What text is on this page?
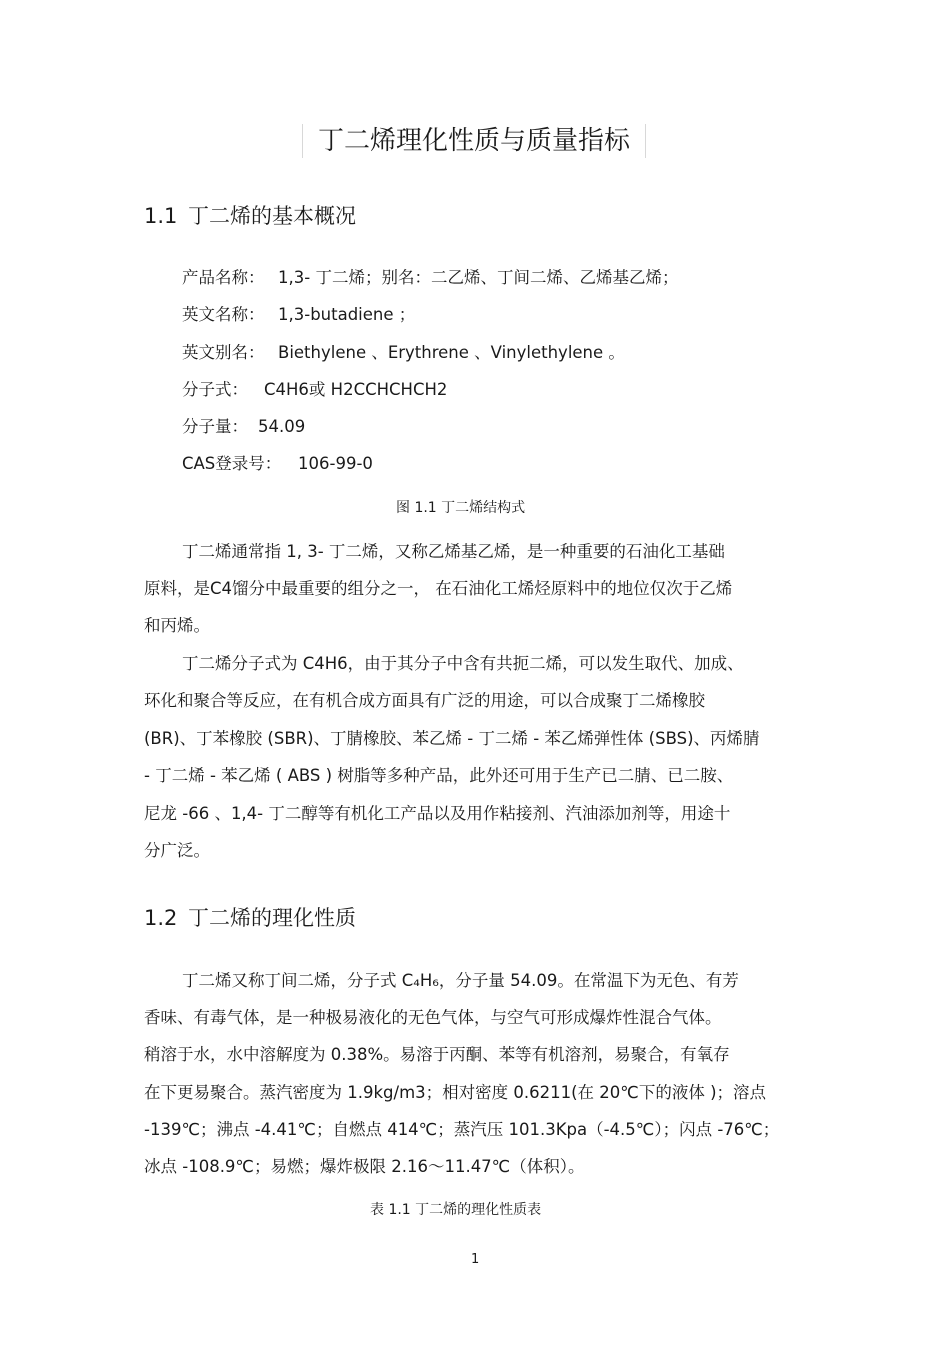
丁二烯理化性质与质量指标
1.1 丁二烯的基本概况
产品名称： 1,3- 丁二烯；别名：二乙烯、丁间二烯、乙烯基乙烯；
英文名称： 1,3-butadiene ；
英文别名： Biethylene 、Erythrene 、Vinylethylene 。
分子式： C4H6或 H2CCHCHCH2
分子量： 54.09
CAS登录号： 106-99-0
图 1.1 丁二烯结构式
丁二烯通常指 1, 3- 丁二烯，又称乙烯基乙烯，是一种重要的石油化工基础
原料，是C4馏分中最重要的组分之一， 在石油化工烯烃原料中的地位仅次于乙烯
和丙烯。
丁二烯分子式为 C4H6，由于其分子中含有共扼二烯，可以发生取代、加成、
环化和聚合等反应，在有机合成方面具有广泛的用途，可以合成聚丁二烯橡胶
(BR)、丁苯橡胶 (SBR)、丁腈橡胶、苯乙烯 - 丁二烯 - 苯乙烯弹性体 (SBS)、丙烯腈
- 丁二烯 - 苯乙烯 ( ABS ) 树脂等多种产品，此外还可用于生产已二腈、已二胺、
尼龙 -66 、1,4- 丁二醇等有机化工产品以及用作粘接剂、汽油添加剂等，用途十
分广泛。
1.2 丁二烯的理化性质
丁二烯又称丁间二烯，分子式 C₄H₆，分子量 54.09。在常温下为无色、有芳
香味、有毒气体，是一种极易液化的无色气体，与空气可形成爆炸性混合气体。
稍溶于水，水中溶解度为 0.38%。易溶于丙酮、苯等有机溶剂，易聚合，有氧存
在下更易聚合。蒸汽密度为 1.9kg/m3；相对密度 0.6211(在 20℃下的液体 )；溶点
-139℃；沸点 -4.41℃；自燃点 414℃；蒸汽压 101.3Kpa（-4.5℃）；闪点 -76℃；
冰点 -108.9℃；易燃；爆炸极限 2.16～11.47℃（体积）。
表 1.1 丁二烯的理化性质表
1
